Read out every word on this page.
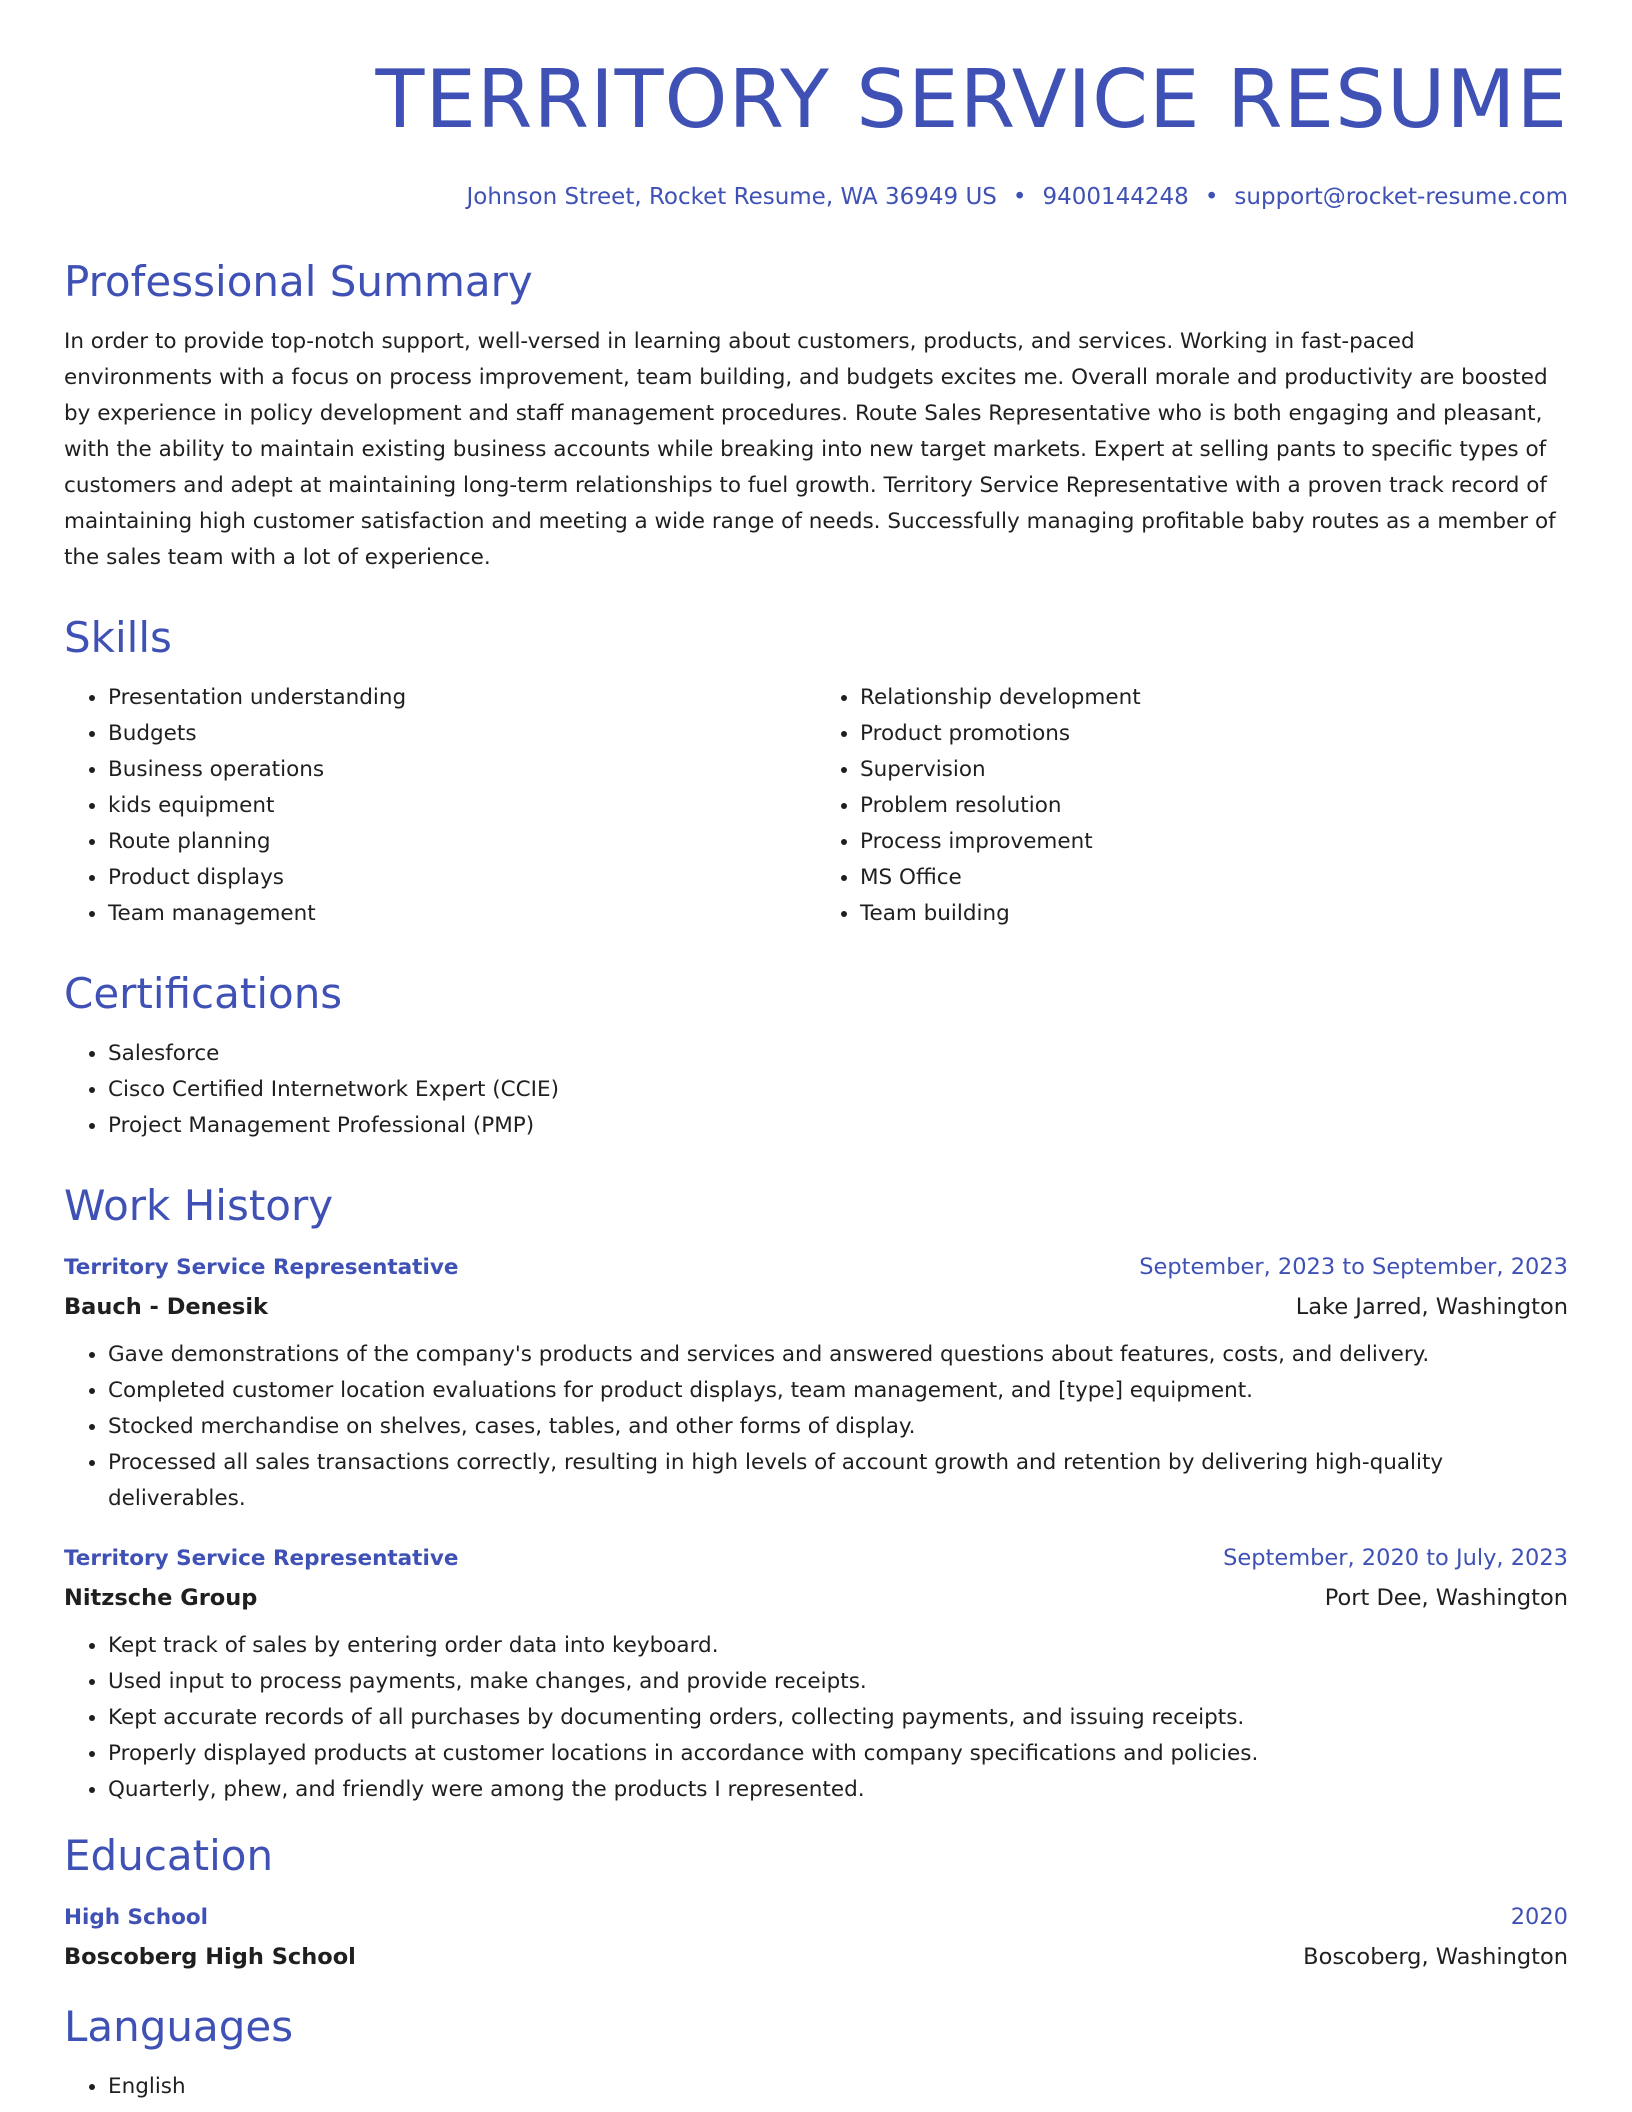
TERRITORY SERVICE RESUME
Johnson Street, Rocket Resume, WA 36949 US • 9400144248 • support@rocket-resume.com
Professional Summary

In order to provide top-notch support, well-versed in learning about customers, products, and services. Working in fast-paced environments with a focus on process improvement, team building, and budgets excites me. Overall morale and productivity are boosted by experience in policy development and staff management procedures. Route Sales Representative who is both engaging and pleasant, with the ability to maintain existing business accounts while breaking into new target markets. Expert at selling pants to specific types of customers and adept at maintaining long-term relationships to fuel growth. Territory Service Representative with a proven track record of maintaining high customer satisfaction and meeting a wide range of needs. Successfully managing profitable baby routes as a member of the sales team with a lot of experience.

Skills
• Presentation understanding
• Budgets
• Business operations
• kids equipment
• Route planning
• Product displays
• Team management
• Relationship development
• Product promotions
• Supervision
• Problem resolution
• Process improvement
• MS Office
• Team building
Certifications
• Salesforce
• Cisco Certified Internetwork Expert (CCIE)
• Project Management Professional (PMP)
Work History
Territory Service Representative	September, 2023 to September, 2023
Bauch - Denesik	Lake Jarred, Washington
• Gave demonstrations of the company's products and services and answered questions about features, costs, and delivery.
• Completed customer location evaluations for product displays, team management, and [type] equipment.
• Stocked merchandise on shelves, cases, tables, and other forms of display.
• Processed all sales transactions correctly, resulting in high levels of account growth and retention by delivering high-quality deliverables.
Territory Service Representative	September, 2020 to July, 2023
Nitzsche Group	Port Dee, Washington
• Kept track of sales by entering order data into keyboard.
• Used input to process payments, make changes, and provide receipts.
• Kept accurate records of all purchases by documenting orders, collecting payments, and issuing receipts.
• Properly displayed products at customer locations in accordance with company specifications and policies.
• Quarterly, phew, and friendly were among the products I represented.
Education
High School	2020
Boscoberg High School	Boscoberg, Washington
Languages
• English
